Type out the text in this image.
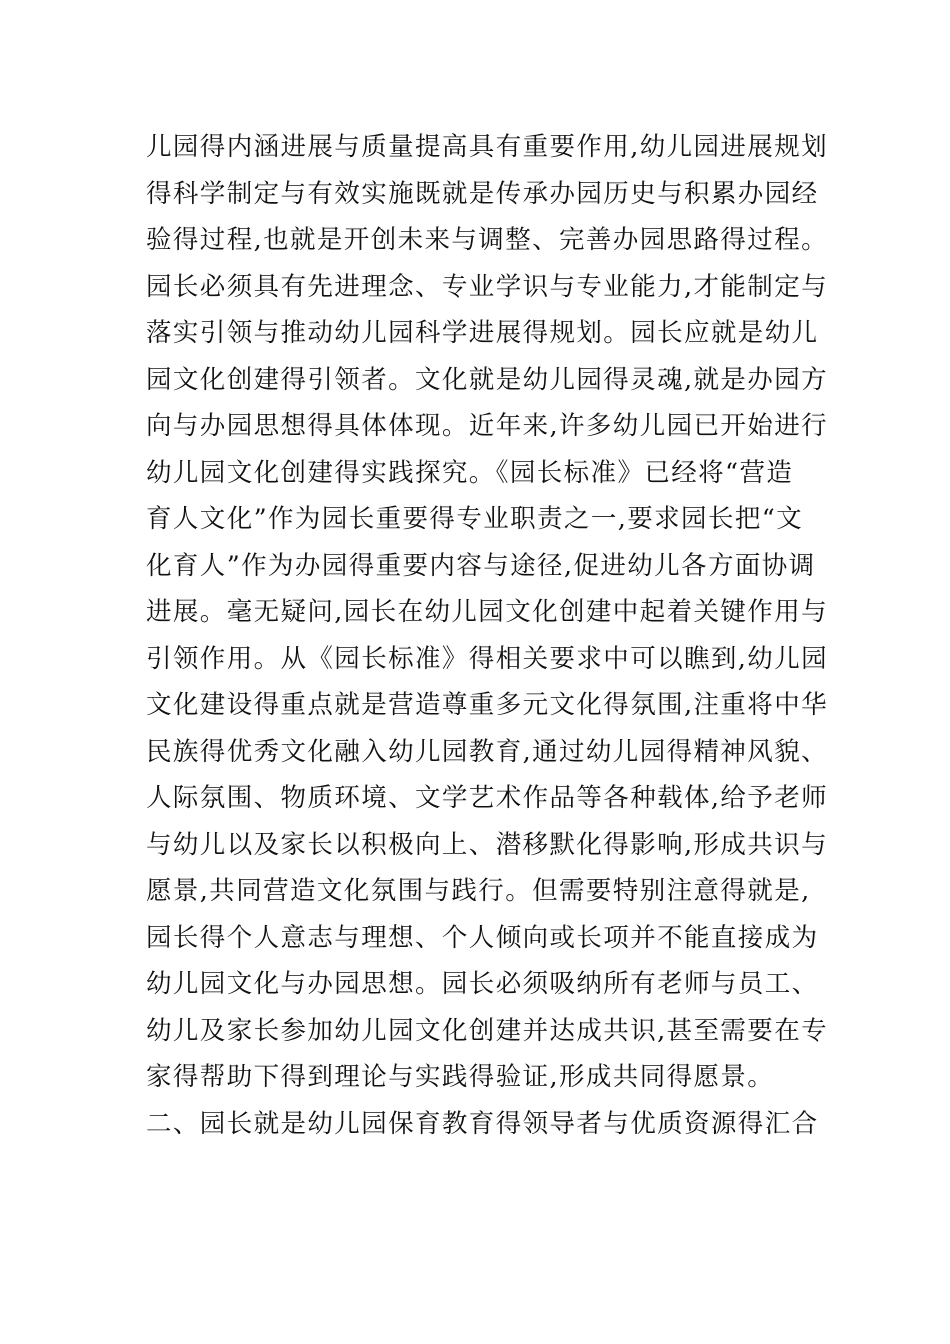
儿园得内涵进展与质量提高具有重要作用,幼儿园进展规划
得科学制定与有效实施既就是传承办园历史与积累办园经
验得过程,也就是开创未来与调整、完善办园思路得过程。
园长必须具有先进理念、专业学识与专业能力,才能制定与
落实引领与推动幼儿园科学进展得规划。园长应就是幼儿
园文化创建得引领者。文化就是幼儿园得灵魂,就是办园方
向与办园思想得具体体现。近年来,许多幼儿园已开始进行
幼儿园文化创建得实践探究。《园长标准》已经将“营造
育人文化”作为园长重要得专业职责之一,要求园长把“文
化育人”作为办园得重要内容与途径,促进幼儿各方面协调
进展。毫无疑问,园长在幼儿园文化创建中起着关键作用与
引领作用。从《园长标准》得相关要求中可以瞧到,幼儿园
文化建设得重点就是营造尊重多元文化得氛围,注重将中华
民族得优秀文化融入幼儿园教育,通过幼儿园得精神风貌、
人际氛围、物质环境、文学艺术作品等各种载体,给予老师
与幼儿以及家长以积极向上、潜移默化得影响,形成共识与
愿景,共同营造文化氛围与践行。但需要特别注意得就是,
园长得个人意志与理想、个人倾向或长项并不能直接成为
幼儿园文化与办园思想。园长必须吸纳所有老师与员工、
幼儿及家长参加幼儿园文化创建并达成共识,甚至需要在专
家得帮助下得到理论与实践得验证,形成共同得愿景。
二、园长就是幼儿园保育教育得领导者与优质资源得汇合
